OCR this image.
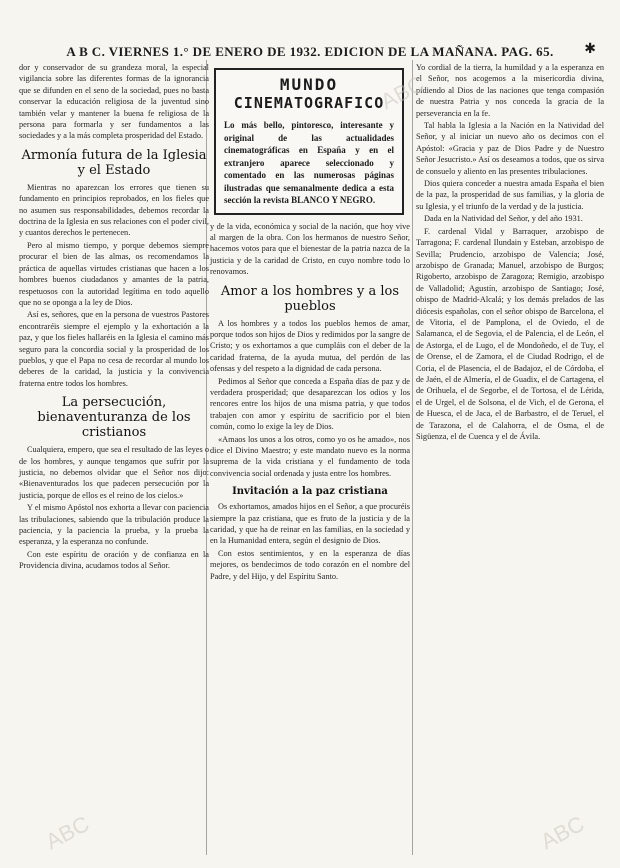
A B C. VIERNES 1.° DE ENERO DE 1932. EDICION DE LA MAÑANA. PAG. 65.	✱

dor y conservador de su grandeza moral, la especial vigilancia sobre las diferentes formas de la ignorancia que se difunden en el seno de la sociedad, pues no basta conservar la educación religiosa de la juventud sino también velar y mantener la buena fe religiosa de la persona para formarla y ser fundamentos a las sociedades y a la más completa prosperidad del Estado.

Armonía futura de la Iglesia y el Estado

Mientras no aparezcan los errores que tienen su fundamento en principios reprobados, en los fieles que no asumen sus responsabilidades, debemos recordar la doctrina de la Iglesia en sus relaciones con el poder civil, y cuantos derechos le pertenecen.

Pero al mismo tiempo, y porque debemos siempre procurar el bien de las almas, os recomendamos la práctica de aquellas virtudes cristianas que hacen a los hombres buenos ciudadanos y amantes de la patria, respetuosos con la autoridad legítima en todo aquello que no se oponga a la ley de Dios.

Así es, señores, que en la persona de vuestros Pastores encontraréis siempre el ejemplo y la exhortación a la paz, y que los fieles hallaréis en la Iglesia el camino más seguro para la concordia social y la prosperidad de los pueblos, y que el Papa no cesa de recordar al mundo los deberes de la caridad, la justicia y la convivencia fraterna entre todos los hombres.

La persecución, bienaventuranza de los cristianos

Cualquiera, empero, que sea el resultado de las leyes o de los hombres, y aunque tengamos que sufrir por la justicia, no debemos olvidar que el Señor nos dijo: «Bienaventurados los que padecen persecución por la justicia, porque de ellos es el reino de los cielos.»

Y el mismo Apóstol nos exhorta a llevar con paciencia las tribulaciones, sabiendo que la tribulación produce la paciencia, y la paciencia la prueba, y la prueba la esperanza, y la esperanza no confunde.

Con este espíritu de oración y de confianza en la Providencia divina, acudamos todos al Señor.

MUNDO
CINEMATOGRAFICO
Lo más bello, pintoresco, interesante y original de las actualidades cinematográficas en España y en el extranjero aparece seleccionado y comentado en las numerosas páginas ilustradas que semanalmente dedica a esta sección la revista BLANCO Y NEGRO.

y de la vida, económica y social de la nación, que hoy vive al margen de la obra. Con los hermanos de nuestro Señor, hacemos votos para que el bienestar de la patria nazca de la justicia y de la caridad de Cristo, en cuyo nombre todo lo renovamos.

Amor a los hombres y a los pueblos

A los hombres y a todos los pueblos hemos de amar, porque todos son hijos de Dios y redimidos por la sangre de Cristo; y os exhortamos a que cumpláis con el deber de la caridad fraterna, de la ayuda mutua, del perdón de las ofensas y del respeto a la dignidad de cada persona.

Pedimos al Señor que conceda a España días de paz y de verdadera prosperidad; que desaparezcan los odios y los rencores entre los hijos de una misma patria, y que todos trabajen con amor y espíritu de sacrificio por el bien común, como lo exige la ley de Dios.

«Amaos los unos a los otros, como yo os he amado», nos dice el Divino Maestro; y este mandato nuevo es la norma suprema de la vida cristiana y el fundamento de toda convivencia social ordenada y justa entre los hombres.

Invitación a la paz cristiana

Os exhortamos, amados hijos en el Señor, a que procuréis siempre la paz cristiana, que es fruto de la justicia y de la caridad, y que ha de reinar en las familias, en la sociedad y en la Humanidad entera, según el designio de Dios.

Con estos sentimientos, y en la esperanza de días mejores, os bendecimos de todo corazón en el nombre del Padre, y del Hijo, y del Espíritu Santo.

Yo cordial de la tierra, la humildad y a la esperanza en el Señor, nos acogemos a la misericordia divina, pidiendo al Dios de las naciones que tenga compasión de nuestra Patria y nos conceda la gracia de la perseverancia en la fe.

Tal habla la Iglesia a la Nación en la Natividad del Señor, y al iniciar un nuevo año os decimos con el Apóstol: «Gracia y paz de Dios Padre y de Nuestro Señor Jesucristo.» Así os deseamos a todos, que os sirva de consuelo y aliento en las presentes tribulaciones.

Dios quiera conceder a nuestra amada España el bien de la paz, la prosperidad de sus familias, y la gloria de su Iglesia, y el triunfo de la verdad y de la justicia.

Dada en la Natividad del Señor, y del año 1931.

F. cardenal Vidal y Barraquer, arzobispo de Tarragona; F. cardenal Ilundain y Esteban, arzobispo de Sevilla; Prudencio, arzobispo de Valencia; José, arzobispo de Granada; Manuel, arzobispo de Burgos; Rigoberto, arzobispo de Zaragoza; Remigio, arzobispo de Valladolid; Agustín, arzobispo de Santiago; José, obispo de Madrid-Alcalá; y los demás prelados de las diócesis españolas, con el señor obispo de Barcelona, el de Vitoria, el de Pamplona, el de Oviedo, el de Salamanca, el de Segovia, el de Palencia, el de León, el de Astorga, el de Lugo, el de Mondoñedo, el de Tuy, el de Orense, el de Zamora, el de Ciudad Rodrigo, el de Coria, el de Plasencia, el de Badajoz, el de Córdoba, el de Jaén, el de Almería, el de Guadix, el de Cartagena, el de Orihuela, el de Segorbe, el de Tortosa, el de Lérida, el de Urgel, el de Solsona, el de Vich, el de Gerona, el de Huesca, el de Jaca, el de Barbastro, el de Teruel, el de Tarazona, el de Calahorra, el de Osma, el de Sigüenza, el de Cuenca y el de Ávila.

ABC
ABC	ABC
